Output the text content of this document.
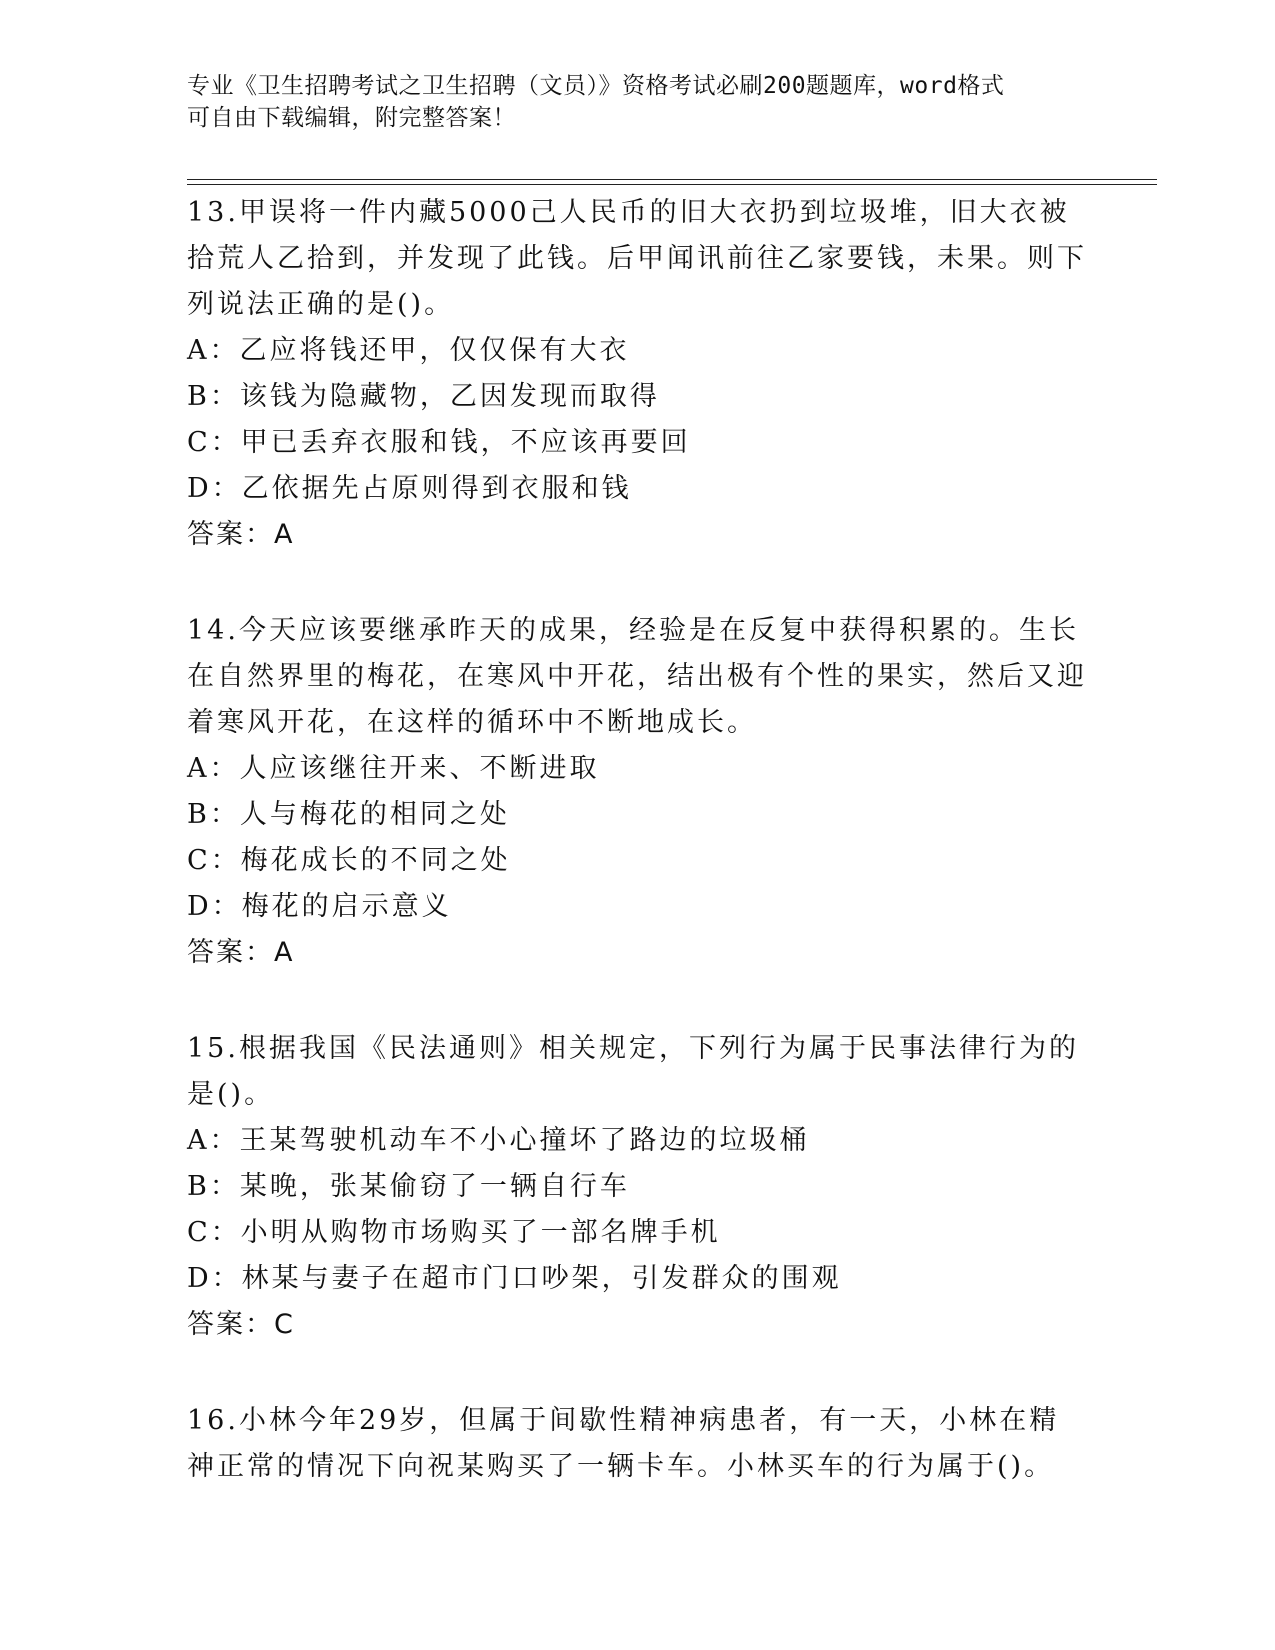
专业《卫生招聘考试之卫生招聘（文员）》资格考试必刷200题题库，word格式
可自由下载编辑，附完整答案！

13.甲误将一件内藏5000己人民币的旧大衣扔到垃圾堆，旧大衣被拾荒人乙拾到，并发现了此钱。后甲闻讯前往乙家要钱，未果。则下列说法正确的是()。

A：乙应将钱还甲，仅仅保有大衣

B：该钱为隐藏物，乙因发现而取得

C：甲已丢弃衣服和钱，不应该再要回

D：乙依据先占原则得到衣服和钱

答案：A

14.今天应该要继承昨天的成果，经验是在反复中获得积累的。生长在自然界里的梅花，在寒风中开花，结出极有个性的果实，然后又迎着寒风开花，在这样的循环中不断地成长。

A：人应该继往开来、不断进取

B：人与梅花的相同之处

C：梅花成长的不同之处

D：梅花的启示意义

答案：A

15.根据我国《民法通则》相关规定，下列行为属于民事法律行为的是()。

A：王某驾驶机动车不小心撞坏了路边的垃圾桶

B：某晚，张某偷窃了一辆自行车

C：小明从购物市场购买了一部名牌手机

D：林某与妻子在超市门口吵架，引发群众的围观

答案：C

16.小林今年29岁，但属于间歇性精神病患者，有一天，小林在精神正常的情况下向祝某购买了一辆卡车。小林买车的行为属于()。
